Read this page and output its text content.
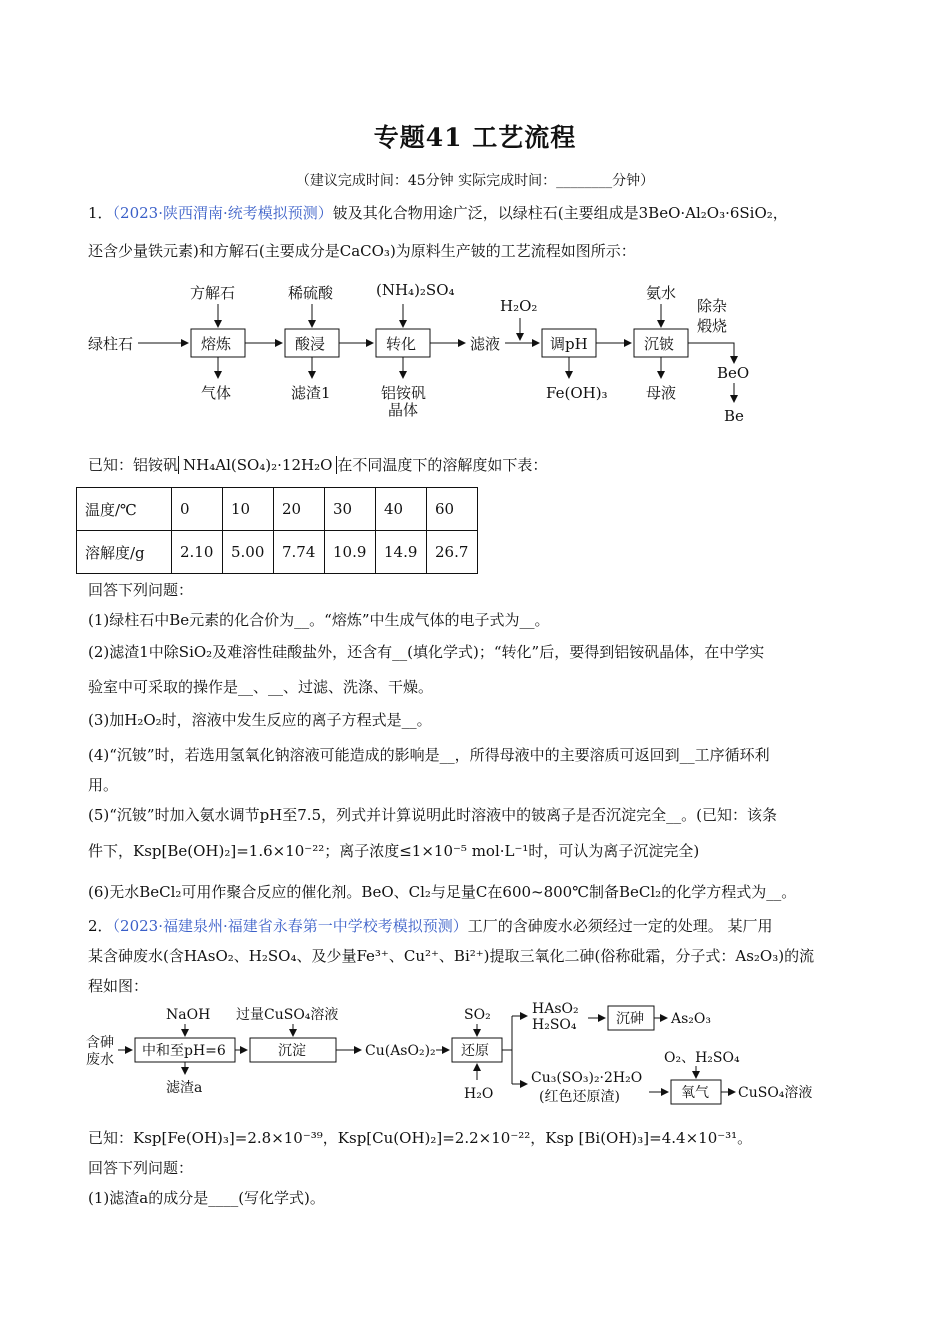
专题41 工艺流程
（建议完成时间：45分钟 实际完成时间：________分钟）
1．（2023·陕西渭南·统考模拟预测）铍及其化合物用途广泛，以绿柱石(主要组成是3BeO·Al₂O₃·6SiO₂，
还含少量铁元素)和方解石(主要成分是CaCO₃)为原料生产铍的工艺流程如图所示：
绿柱石	熔炼
方解石
气体
酸浸
稀硫酸
滤渣1
转化
(NH₄)₂SO₄
铝铵矾
晶体
滤液
H₂O₂
调pH
Fe(OH)₃
沉铍
氨水
母液
除杂
煅烧
BeO
Be
已知：铝铵矾 NH₄Al(SO₄)₂·12H₂O 在不同温度下的溶解度如下表：
温度/℃	0	10	20	30	40	60
溶解度/g	2.10	5.00	7.74	10.9	14.9	26.7
回答下列问题：
(1)绿柱石中Be元素的化合价为__。“熔炼”中生成气体的电子式为__。
(2)滤渣1中除SiO₂及难溶性硅酸盐外，还含有__(填化学式)；“转化”后，要得到铝铵矾晶体，在中学实
验室中可采取的操作是__、__、过滤、洗涤、干燥。
(3)加H₂O₂时，溶液中发生反应的离子方程式是__。
(4)“沉铍”时，若选用氢氧化钠溶液可能造成的影响是__，所得母液中的主要溶质可返回到__工序循环利
用。
(5)“沉铍”时加入氨水调节pH至7.5，列式并计算说明此时溶液中的铍离子是否沉淀完全__。(已知：该条
件下，Ksp[Be(OH)₂]=1.6×10⁻²²；离子浓度≤1×10⁻⁵ mol·L⁻¹时，可认为离子沉淀完全)
(6)无水BeCl₂可用作聚合反应的催化剂。BeO、Cl₂与足量C在600~800℃制备BeCl₂的化学方程式为__。
2．（2023·福建泉州·福建省永春第一中学校考模拟预测）工厂的含砷废水必须经过一定的处理。 某厂用
某含砷废水(含HAsO₂、H₂SO₄、及少量Fe³⁺、Cu²⁺、Bi²⁺)提取三氧化二砷(俗称砒霜，分子式：As₂O₃)的流
程如图：
含砷
废水
中和至pH=6
NaOH
滤渣a
沉淀
过量CuSO₄溶液
Cu(AsO₂)₂ 还原
SO₂
H₂O
HAsO₂
H₂SO₄	沉砷 As₂O₃
Cu₃(SO₃)₂·2H₂O
(红色还原渣)	氧气
O₂、H₂SO₄
CuSO₄溶液
已知：Ksp[Fe(OH)₃]=2.8×10⁻³⁹，Ksp[Cu(OH)₂]=2.2×10⁻²²，Ksp [Bi(OH)₃]=4.4×10⁻³¹。
回答下列问题：
(1)滤渣a的成分是____(写化学式)。
